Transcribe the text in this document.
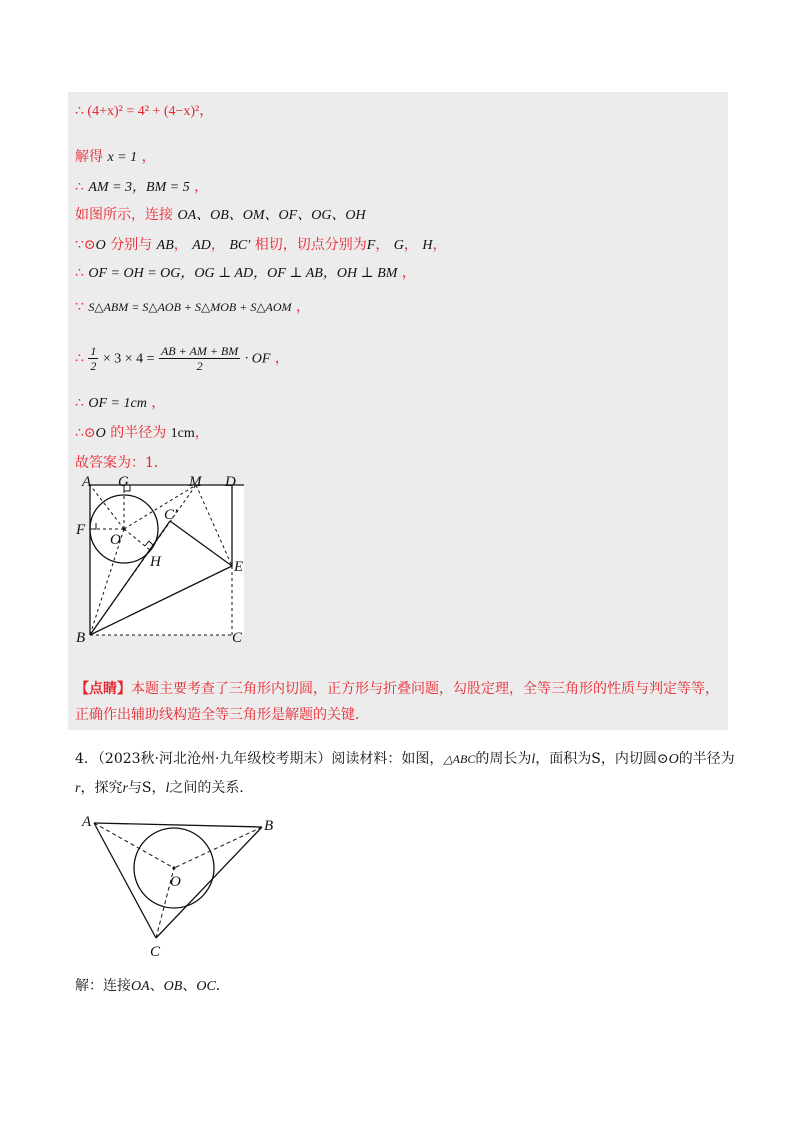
∴ (4+x)² = 4² + (4−x)²，
解得 x = 1 ，
∴ AM = 3，BM = 5 ，
如图所示，连接 OA、OB、OM、OF、OG、OH
∵⊙O 分别与 AB， AD， BC′ 相切，切点分别为F， G， H，
∴ OF = OH = OG，OG ⊥ AD，OF ⊥ AB，OH ⊥ BM ，
∵ S△ABM = S△AOB + S△MOB + S△AOM ，
∴ $\frac{1}{2} \times 3 \times 4 = \frac{AB + AM + BM}{2}$ · OF ，
∴ OF = 1cm ，
∴⊙O 的半径为 1cm，
故答案为：1．
A G	M D
C′
F
O
H	E
B	C
【点睛】本题主要考查了三角形内切圆，正方形与折叠问题，勾股定理，全等三角形的性质与判定等等，正确作出辅助线构造全等三角形是解题的关键．
4．（2023秋·河北沧州·九年级校考期末）阅读材料：如图，△ABC的周长为l，面积为S，内切圆⊙O的半径为r，探究r与S，l之间的关系．
A	B
O
C
解：连接OA、OB、OC．
